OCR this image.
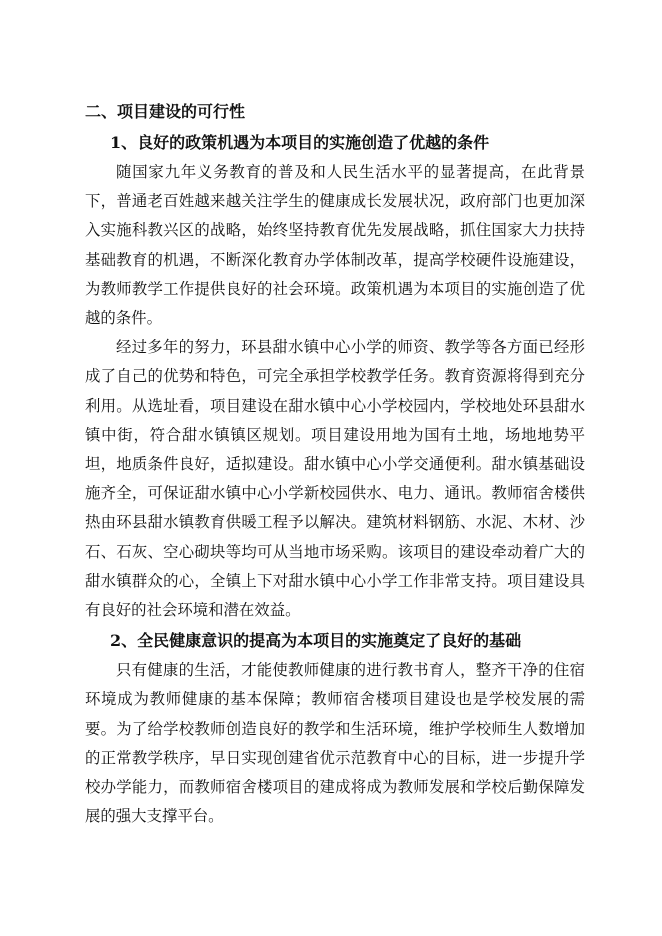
二、项目建设的可行性
1、良好的政策机遇为本项目的实施创造了优越的条件

随国家九年义务教育的普及和人民生活水平的显著提高，在此背景下，普通老百姓越来越关注学生的健康成长发展状况，政府部门也更加深入实施科教兴区的战略，始终坚持教育优先发展战略，抓住国家大力扶持基础教育的机遇，不断深化教育办学体制改革，提高学校硬件设施建设，为教师教学工作提供良好的社会环境。政策机遇为本项目的实施创造了优越的条件。

经过多年的努力，环县甜水镇中心小学的师资、教学等各方面已经形成了自己的优势和特色，可完全承担学校教学任务。教育资源将得到充分利用。从选址看，项目建设在甜水镇中心小学校园内，学校地处环县甜水镇中街，符合甜水镇镇区规划。项目建设用地为国有土地，场地地势平坦，地质条件良好，适拟建设。甜水镇中心小学交通便利。甜水镇基础设施齐全，可保证甜水镇中心小学新校园供水、电力、通讯。教师宿舍楼供热由环县甜水镇教育供暖工程予以解决。建筑材料钢筋、水泥、木材、沙石、石灰、空心砌块等均可从当地市场采购。该项目的建设牵动着广大的甜水镇群众的心，全镇上下对甜水镇中心小学工作非常支持。项目建设具有良好的社会环境和潜在效益。

2、全民健康意识的提高为本项目的实施奠定了良好的基础

只有健康的生活，才能使教师健康的进行教书育人，整齐干净的住宿环境成为教师健康的基本保障；教师宿舍楼项目建设也是学校发展的需要。为了给学校教师创造良好的教学和生活环境，维护学校师生人数增加的正常教学秩序，早日实现创建省优示范教育中心的目标，进一步提升学校办学能力，而教师宿舍楼项目的建成将成为教师发展和学校后勤保障发展的强大支撑平台。
